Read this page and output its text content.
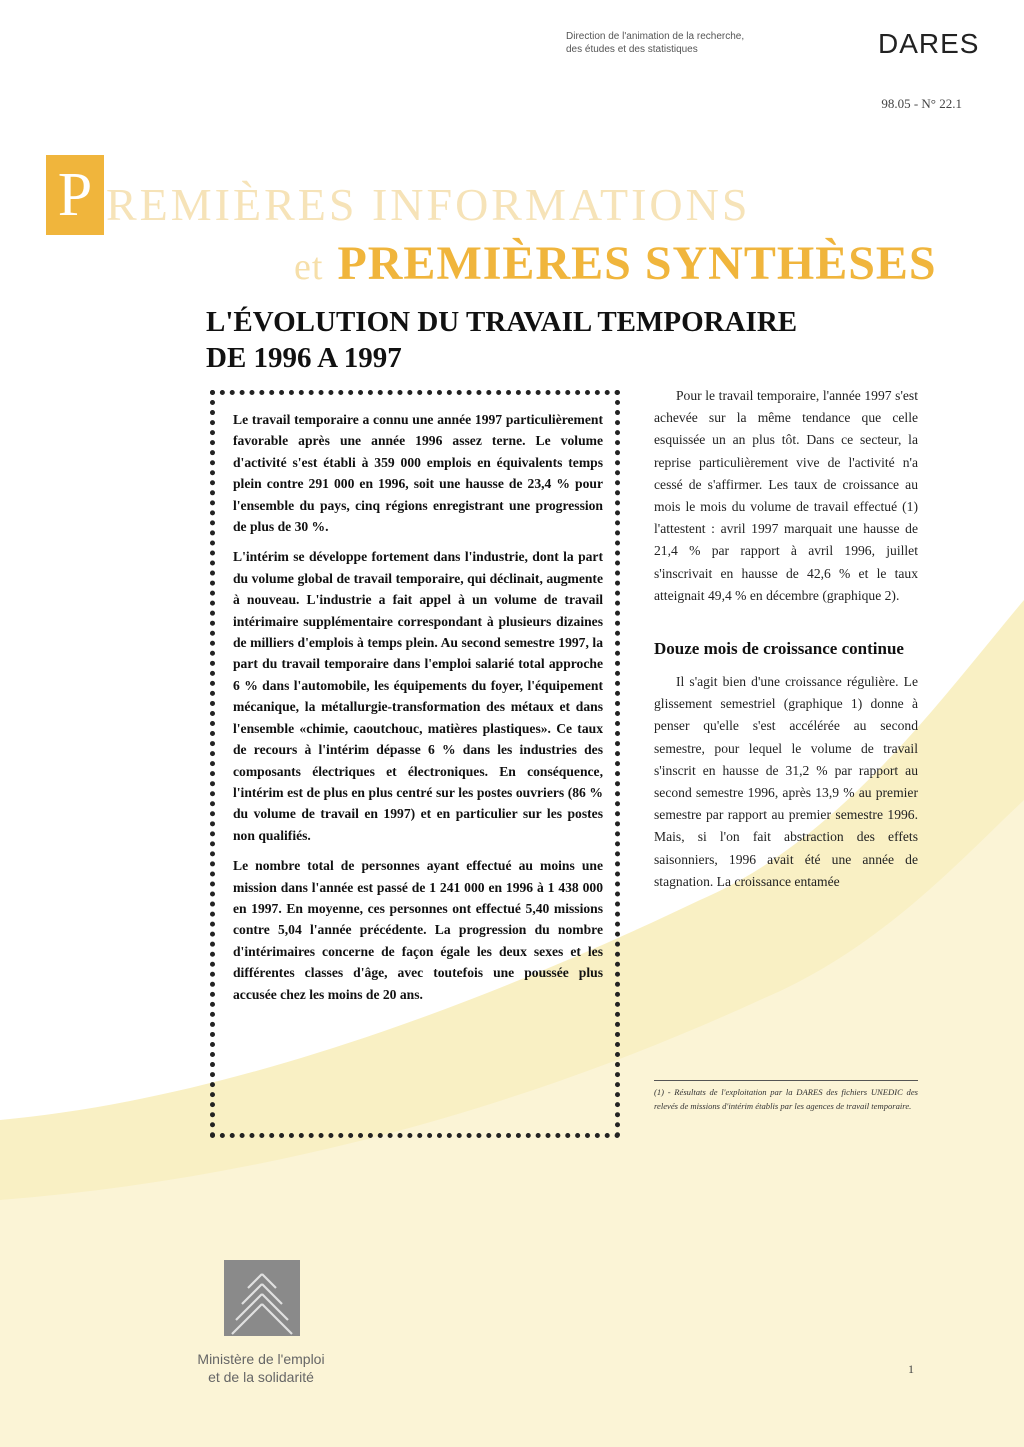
Direction de l'animation de la recherche,
des études et des statistiques	DARES
98.05 - N° 22.1
P REMIÈRES INFORMATIONS
et PREMIÈRES SYNTHÈSES
L'ÉVOLUTION DU TRAVAIL TEMPORAIRE
DE 1996 A 1997

Le travail temporaire a connu une année 1997 particulièrement favorable après une année 1996 assez terne. Le volume d'activité s'est établi à 359 000 emplois en équivalents temps plein contre 291 000 en 1996, soit une hausse de 23,4 % pour l'ensemble du pays, cinq régions enregistrant une progression de plus de 30 %.

L'intérim se développe fortement dans l'industrie, dont la part du volume global de travail temporaire, qui déclinait, augmente à nouveau. L'industrie a fait appel à un volume de travail intérimaire supplémentaire correspondant à plusieurs dizaines de milliers d'emplois à temps plein. Au second semestre 1997, la part du travail temporaire dans l'emploi salarié total approche 6 % dans l'automobile, les équipements du foyer, l'équipement mécanique, la métallurgie-transformation des métaux et dans l'ensemble «chimie, caoutchouc, matières plastiques». Ce taux de recours à l'intérim dépasse 6 % dans les industries des composants électriques et électroniques. En conséquence, l'intérim est de plus en plus centré sur les postes ouvriers (86 % du volume de travail en 1997) et en particulier sur les postes non qualifiés.

Le nombre total de personnes ayant effectué au moins une mission dans l'année est passé de 1 241 000 en 1996 à 1 438 000 en 1997. En moyenne, ces personnes ont effectué 5,40 missions contre 5,04 l'année précédente. La progression du nombre d'intérimaires concerne de façon égale les deux sexes et les différentes classes d'âge, avec toutefois une poussée plus accusée chez les moins de 20 ans.

Pour le travail temporaire, l'année 1997 s'est achevée sur la même tendance que celle esquissée un an plus tôt. Dans ce secteur, la reprise particulièrement vive de l'activité n'a cessé de s'affirmer. Les taux de croissance au mois le mois du volume de travail effectué (1) l'attestent : avril 1997 marquait une hausse de 21,4 % par rapport à avril 1996, juillet s'inscrivait en hausse de 42,6 % et le taux atteignait 49,4 % en décembre (graphique 2).

Douze mois de croissance continue

Il s'agit bien d'une croissance régulière. Le glissement semestriel (graphique 1) donne à penser qu'elle s'est accélérée au second semestre, pour lequel le volume de travail s'inscrit en hausse de 31,2 % par rapport au second semestre 1996, après 13,9 % au premier semestre par rapport au premier semestre 1996. Mais, si l'on fait abstraction des effets saisonniers, 1996 avait été une année de stagnation. La croissance entamée

(1) - Résultats de l'exploitation par la DARES des fichiers UNEDIC des relevés de missions d'intérim établis par les agences de travail temporaire.
Ministère de l'emploi
et de la solidarité	1
